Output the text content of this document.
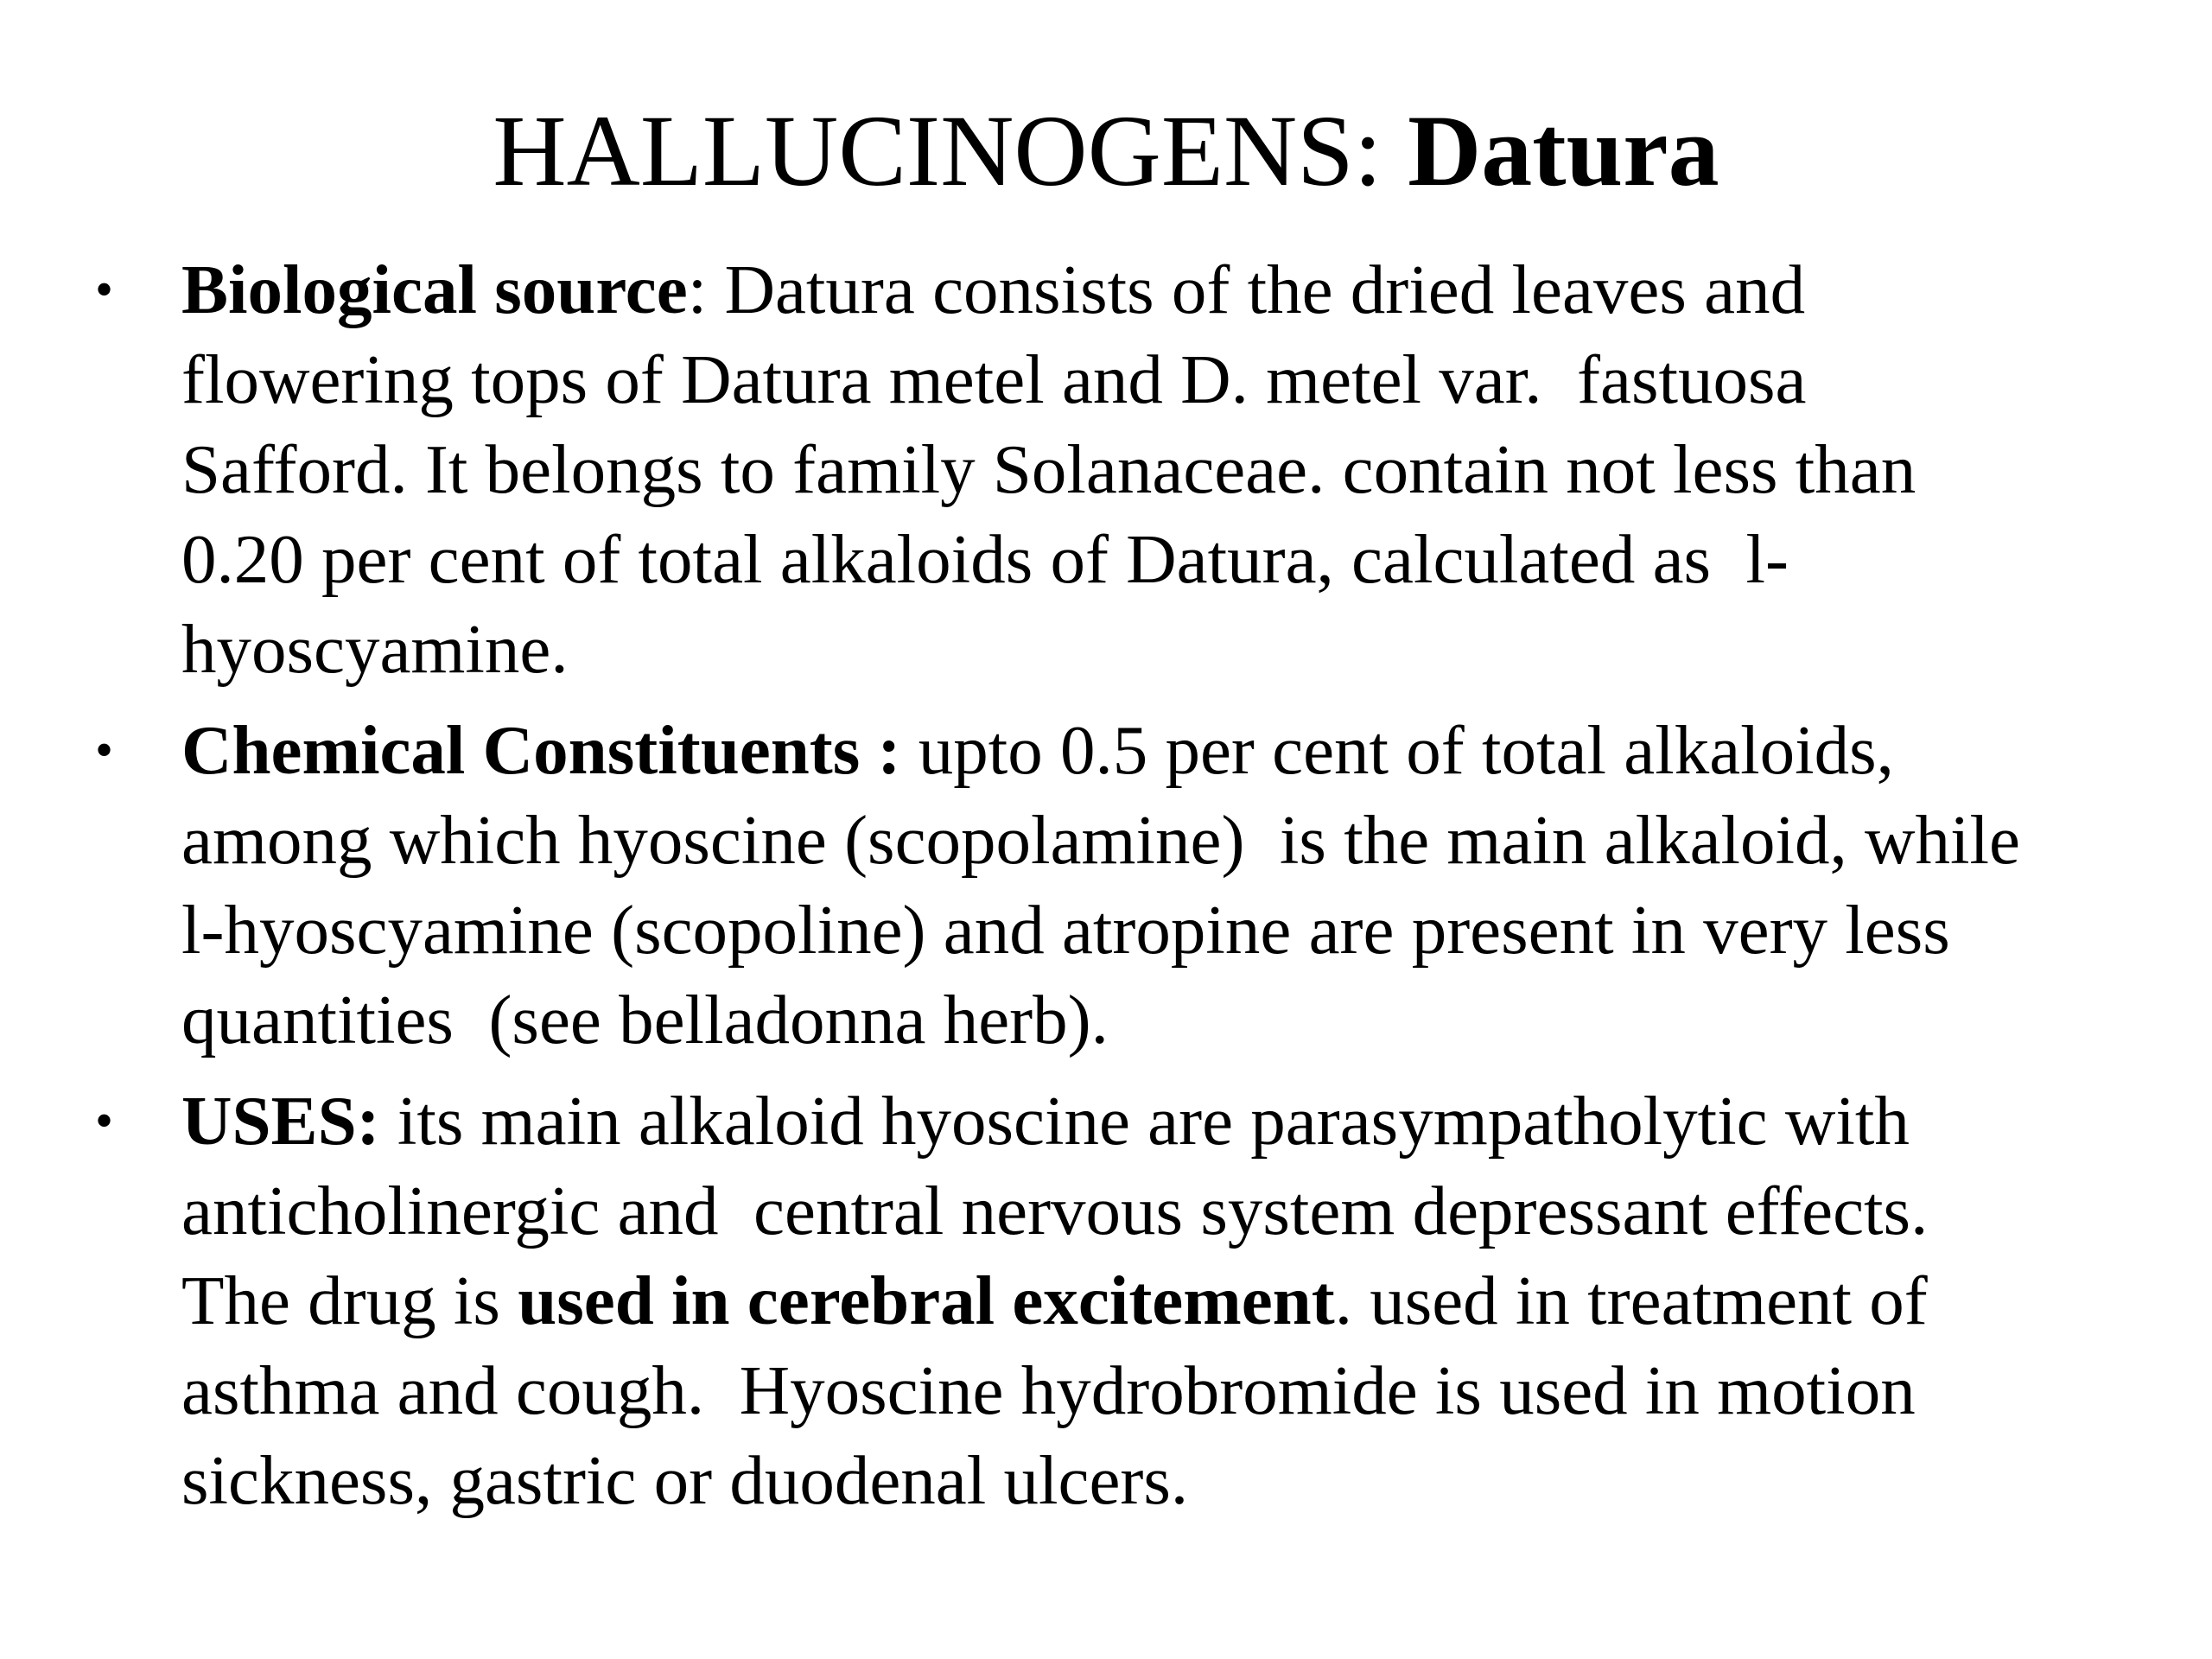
HALLUCINOGENS: Datura
• Biological source: Datura consists of the dried leaves and
flowering tops of Datura metel and D. metel var.  fastuosa
Safford. It belongs to family Solanaceae. contain not less than
0.20 per cent of total alkaloids of Datura, calculated as  l-
hyoscyamine.

• Chemical Constituents : upto 0.5 per cent of total alkaloids,
among which hyoscine (scopolamine)  is the main alkaloid, while
l-hyoscyamine (scopoline) and atropine are present in very less
quantities  (see belladonna herb).

• USES: its main alkaloid hyoscine are parasympatholytic with
anticholinergic and  central nervous system depressant effects.
The drug is used in cerebral excitement. used in treatment of
asthma and cough.  Hyoscine hydrobromide is used in motion
sickness, gastric or duodenal ulcers.
